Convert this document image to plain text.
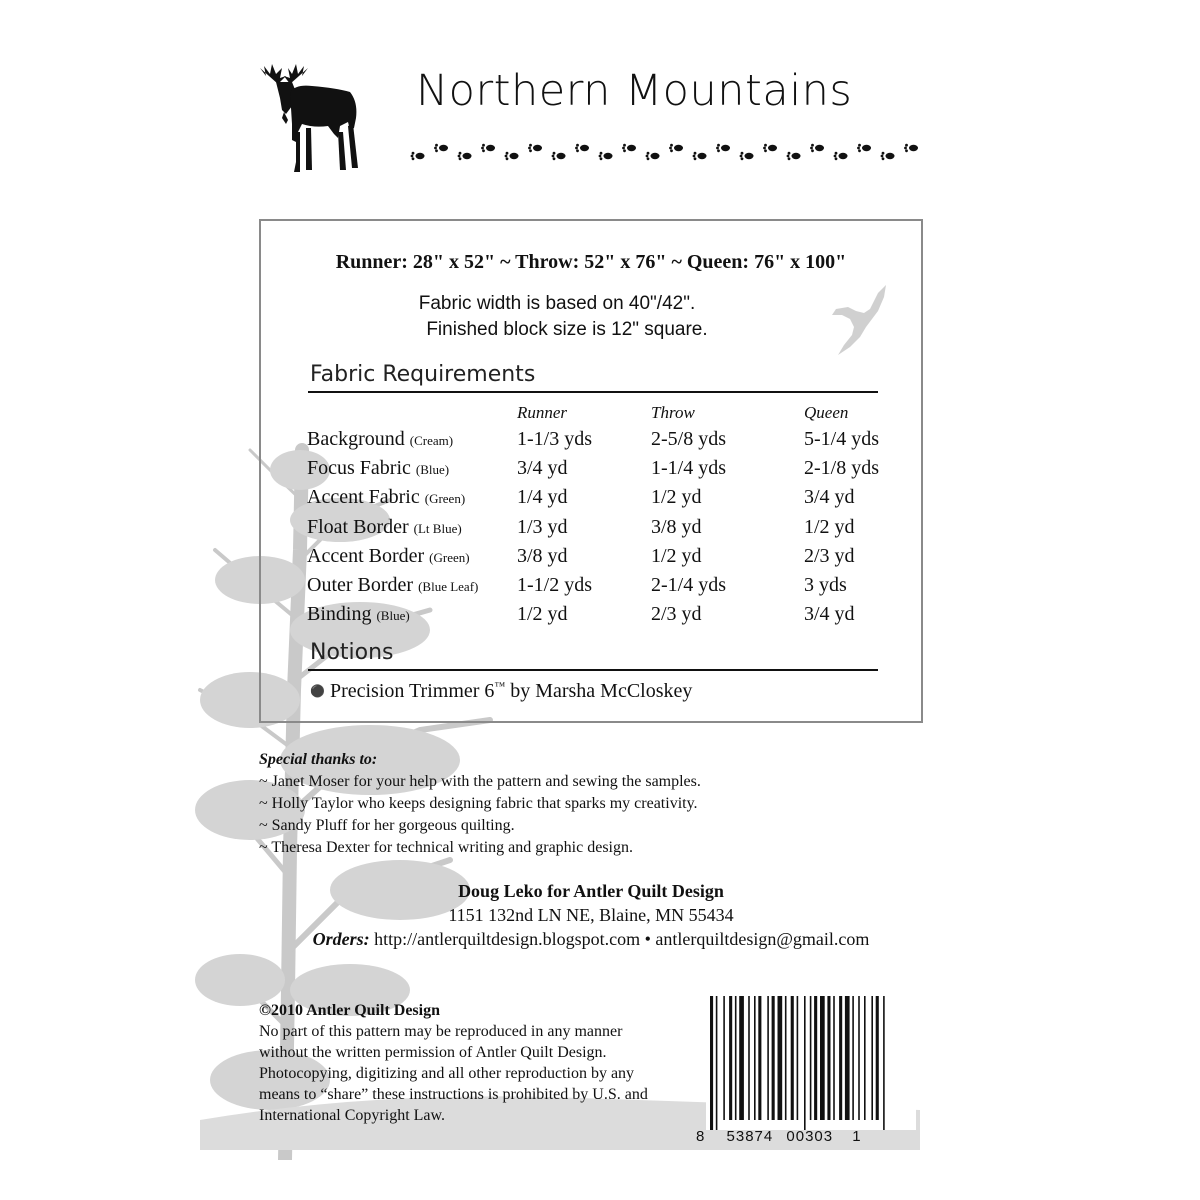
Northern Mountains
Runner: 28" x 52" ~ Throw: 52" x 76" ~ Queen: 76" x 100"
Fabric width is based on 40"/42".
Finished block size is 12" square.
Fabric Requirements
Runner	Throw	Queen
Background (Cream)	1-1/3 yds	2-5/8 yds	5-1/4 yds
Focus Fabric (Blue)	3/4 yd	1-1/4 yds	2-1/8 yds
Accent Fabric (Green)	1/4 yd	1/2 yd	3/4 yd
Float Border (Lt Blue)	1/3 yd	3/8 yd	1/2 yd
Accent Border (Green) 3/8 yd	1/2 yd	2/3 yd
Outer Border (Blue Leaf) 1-1/2 yds	2-1/4 yds	3 yds
Binding (Blue)	1/2 yd	2/3 yd	3/4 yd
Notions
⚫ Precision Trimmer 6™ by Marsha McCloskey
Special thanks to:
~ Janet Moser for your help with the pattern and sewing the samples.
~ Holly Taylor who keeps designing fabric that sparks my creativity.
~ Sandy Pluff for her gorgeous quilting.
~ Theresa Dexter for technical writing and graphic design.
Doug Leko for Antler Quilt Design
1151 132nd LN NE, Blaine, MN 55434
Orders: http://antlerquiltdesign.blogspot.com • antlerquiltdesign@gmail.com
©2010 Antler Quilt Design
No part of this pattern may be reproduced in any manner without the written permission of Antler Quilt Design. Photocopying, digitizing and all other reproduction by any means to “share” these instructions is prohibited by U.S. and International Copyright Law.
8 53874 00303 1
